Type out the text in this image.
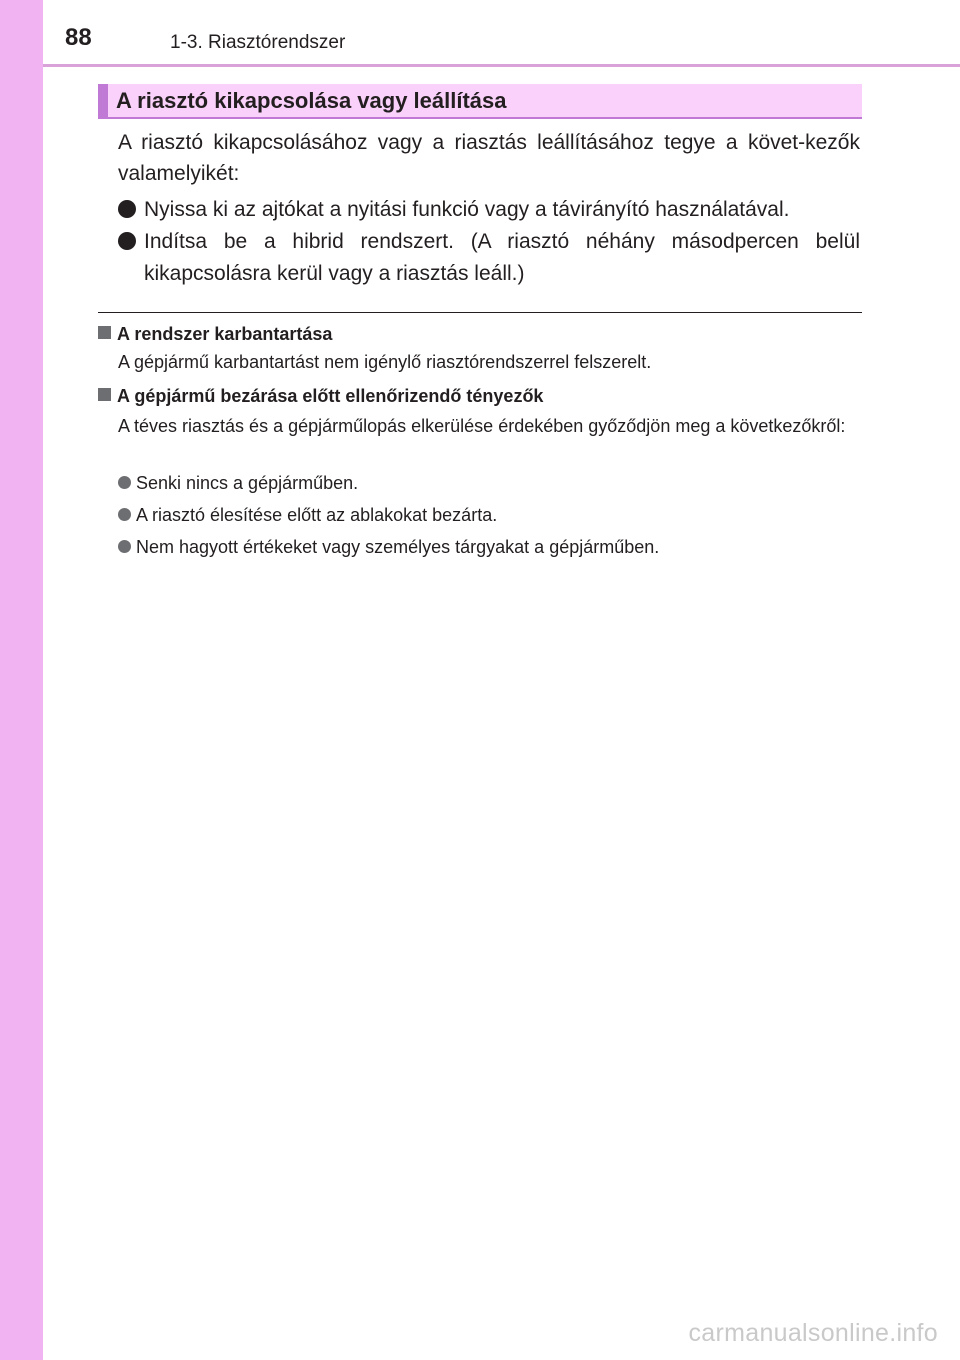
88	1-3. Riasztórendszer
A riasztó kikapcsolása vagy leállítása
A riasztó kikapcsolásához vagy a riasztás leállításához tegye a követ-kezők valamelyikét:
Nyissa ki az ajtókat a nyitási funkció vagy a távirányító használatával.
Indítsa be a hibrid rendszert. (A riasztó néhány másodpercen belül kikapcsolásra kerül vagy a riasztás leáll.)
A rendszer karbantartása
A gépjármű karbantartást nem igénylő riasztórendszerrel felszerelt.
A gépjármű bezárása előtt ellenőrizendő tényezők
A téves riasztás és a gépjárműlopás elkerülése érdekében győződjön meg a következőkről:
Senki nincs a gépjárműben.
A riasztó élesítése előtt az ablakokat bezárta.
Nem hagyott értékeket vagy személyes tárgyakat a gépjárműben.
carmanualsonline.info
